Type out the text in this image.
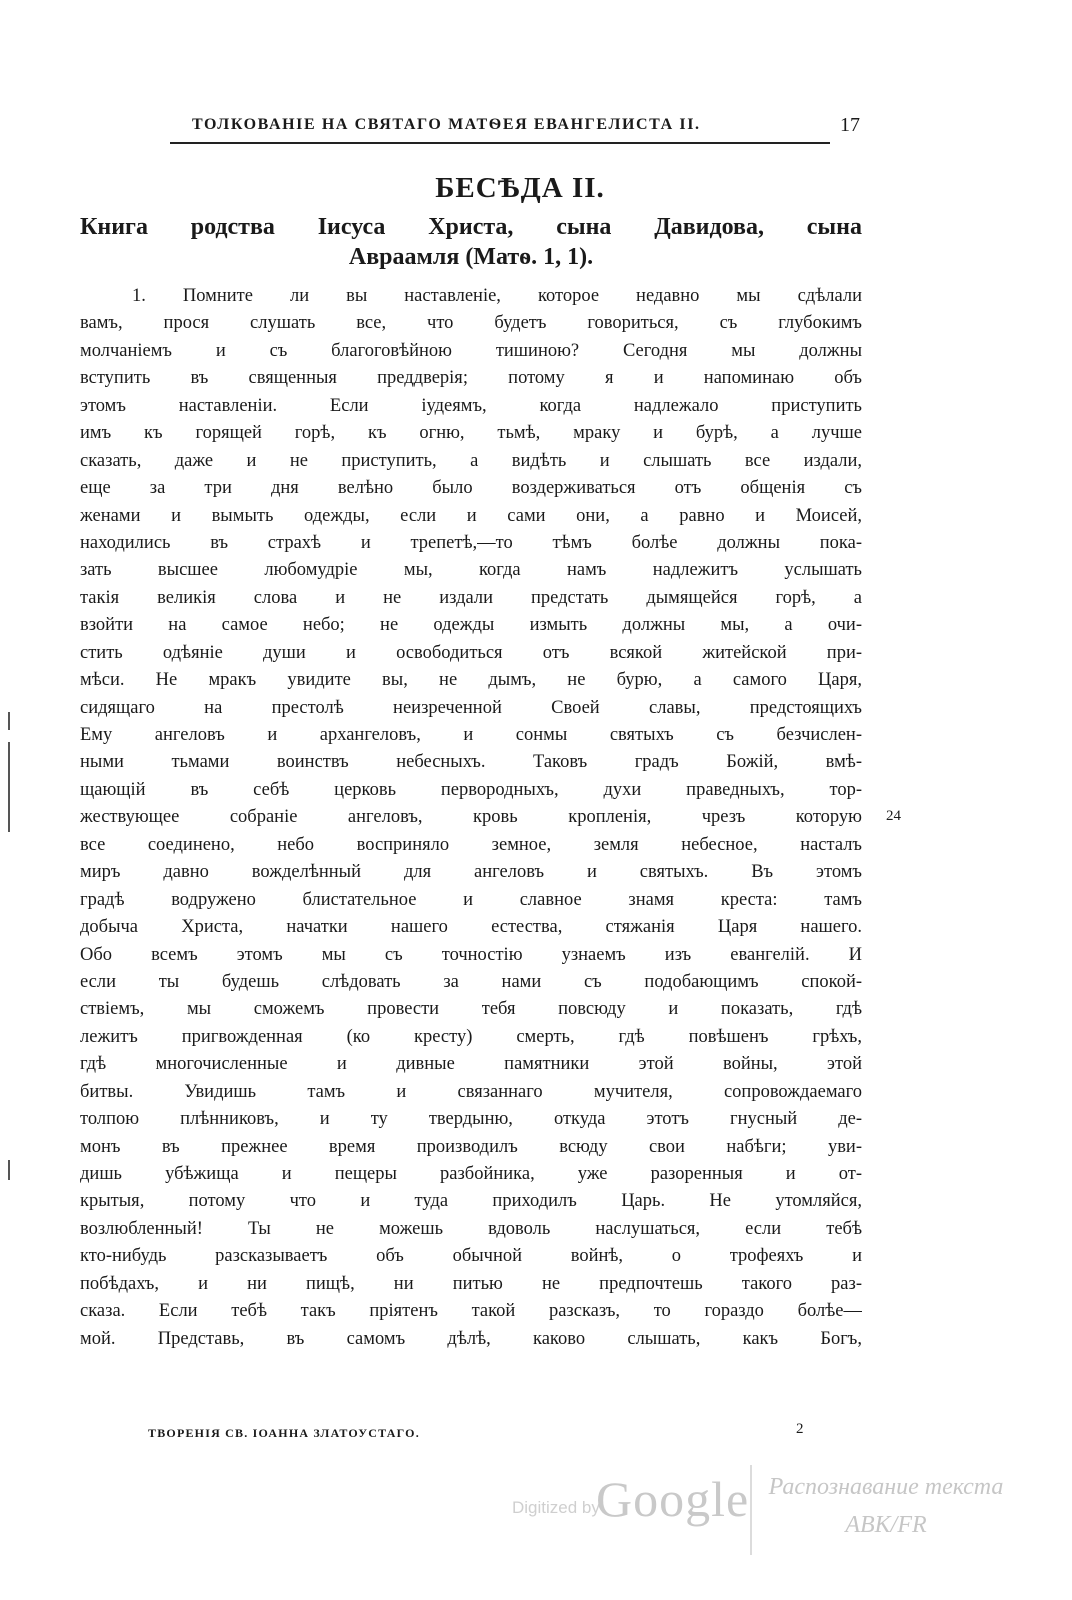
ТОЛКОВАНІЕ НА СВЯТАГО МАТѲЕЯ ЕВАНГЕЛИСТА II.	17
БЕСѢДА II.
Книга родства Іисуса Христа, сына Давидова, сына
Авраамля (Матѳ. 1, 1).
1. Помните ли вы наставленіе, которое недавно мы сдѣлали
вамъ, прося слушать все, что будетъ говориться, съ глубокимъ
молчаніемъ и съ благоговѣйною тишиною? Сегодня мы должны
вступить въ священныя преддверія; потому я и напоминаю объ
этомъ наставленіи. Если іудеямъ, когда надлежало приступить
имъ къ горящей горѣ, къ огню, тьмѣ, мраку и бурѣ, а лучше
сказать, даже и не приступить, а видѣть и слышать все издали,
еще за три дня велѣно было воздерживаться отъ общенія съ
женами и вымыть одежды, если и сами они, а равно и Моисей,
находились въ страхѣ и трепетѣ,—то тѣмъ болѣе должны пока-
зать высшее любомудріе мы, когда намъ надлежитъ услышать
такія великія слова и не издали предстать дымящейся горѣ, а
взойти на самое небо; не одежды измыть должны мы, а очи-
стить одѣяніе души и освободиться отъ всякой житейской при-
мѣси. Не мракъ увидите вы, не дымъ, не бурю, а самого Царя,
сидящаго на престолѣ неизреченной Своей славы, предстоящихъ
Ему ангеловъ и архангеловъ, и сонмы святыхъ съ безчислен-
ными тьмами воинствъ небесныхъ. Таковъ градъ Божій, вмѣ-
щающій въ себѣ церковь первородныхъ, духи праведныхъ, тор-
жествующее собраніе ангеловъ, кровь кропленія, чрезъ которую
все соединено, небо восприняло земное, земля небесное, насталъ
миръ давно вожделѣнный для ангеловъ и святыхъ. Въ этомъ
градѣ водружено блистательное и славное знамя креста: тамъ
добыча Христа, начатки нашего естества, стяжанія Царя нашего.
Обо всемъ этомъ мы съ точностію узнаемъ изъ евангелій. И
если ты будешь слѣдовать за нами съ подобающимъ спокой-
ствіемъ, мы сможемъ провести тебя повсюду и показать, гдѣ
лежитъ пригвожденная (ко кресту) смерть, гдѣ повѣшенъ грѣхъ,
гдѣ многочисленные и дивные памятники этой войны, этой
битвы. Увидишь тамъ и связаннаго мучителя, сопровождаемаго
толпою плѣнниковъ, и ту твердыню, откуда этотъ гнусный де-
монъ въ прежнее время производилъ всюду свои набѣги; уви-
дишь убѣжища и пещеры разбойника, уже разоренныя и от-
крытыя, потому что и туда приходилъ Царь. Не утомляйся,
возлюбленный! Ты не можешь вдоволь наслушаться, если тебѣ
кто-нибудь разсказываетъ объ обычной войнѣ, о трофеяхъ и
побѣдахъ, и ни пищѣ, ни питью не предпочтешь такого раз-
сказа. Если тебѣ такъ пріятенъ такой разсказъ, то гораздо болѣе—
мой. Представь, въ самомъ дѣлѣ, каково слышать, какъ Богъ,
24
ТВОРЕНІЯ СВ. ІОАННА ЗЛАТОУСТАГО.	2
Digitized by
Google Распознавание текста
ABK/FR
